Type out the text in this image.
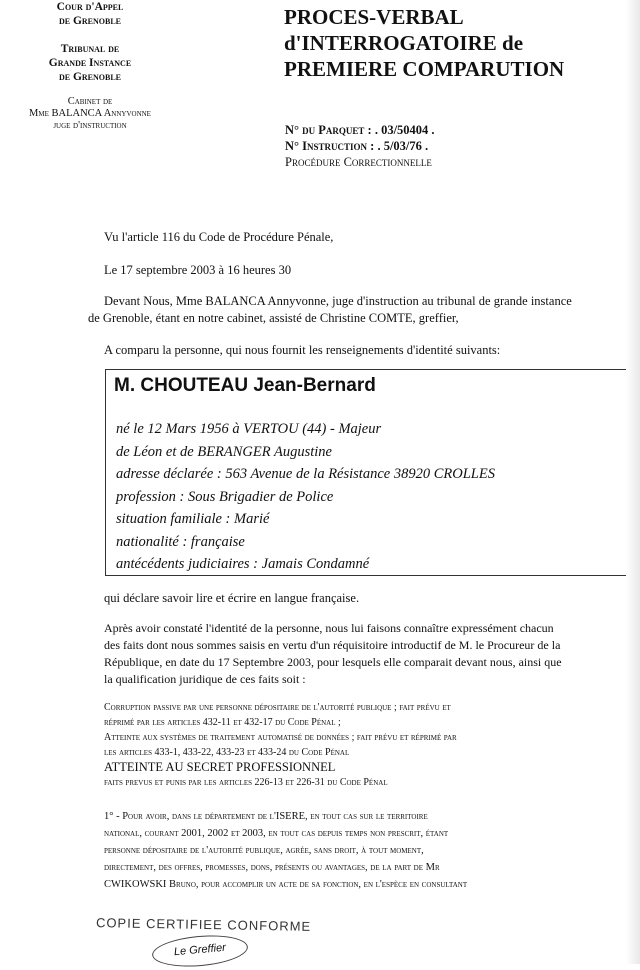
Cour d'Appel
de Grenoble
Tribunal de
Grande Instance
de Grenoble
Cabinet de
Mme BALANCA Annyvonne
juge d'instruction
PROCES-VERBAL
d'INTERROGATOIRE de
PREMIERE COMPARUTION
N° du Parquet : . 03/50404 .
N° Instruction : . 5/03/76 .
Procédure Correctionnelle
Vu l'article 116 du Code de Procédure Pénale,
Le 17 septembre 2003 à 16 heures 30
Devant Nous, Mme BALANCA Annyvonne, juge d'instruction au tribunal de grande instance
de Grenoble, étant en notre cabinet, assisté de Christine COMTE, greffier,
A comparu la personne, qui nous fournit les renseignements d'identité suivants:
M. CHOUTEAU Jean-Bernard
né le 12 Mars 1956 à VERTOU (44) - Majeur
de Léon et de BERANGER Augustine
adresse déclarée : 563 Avenue de la Résistance 38920 CROLLES
profession : Sous Brigadier de Police
situation familiale : Marié
nationalité : française
antécédents judiciaires : Jamais Condamné
qui déclare savoir lire et écrire en langue française.
Après avoir constaté l'identité de la personne, nous lui faisons connaître expressément chacun
des faits dont nous sommes saisis en vertu d'un réquisitoire introductif de M. le Procureur de la
République, en date du 17 Septembre 2003, pour lesquels elle comparait devant nous, ainsi que
la qualification juridique de ces faits soit :
Corruption passive par une personne dépositaire de l'autorité publique ; fait prévu et
réprimé par les articles 432-11 et 432-17 du Code Pénal ;
Atteinte aux systèmes de traitement automatisé de données ; fait prévu et réprimé par
les articles 433-1, 433-22, 433-23 et 433-24 du Code Pénal
ATTEINTE AU SECRET PROFESSIONNEL
faits prevus et punis par les articles 226-13 et 226-31 du Code Pénal
1° - Pour avoir, dans le département de l'ISERE, en tout cas sur le territoire
national, courant 2001, 2002 et 2003, en tout cas depuis temps non prescrit, étant
personne dépositaire de l'autorité publique, agrée, sans droit, à tout moment,
directement, des offres, promesses, dons, présents ou avantages, de la part de Mr
CWIKOWSKI Bruno, pour accomplir un acte de sa fonction, en l'espèce en consultant
COPIE CERTIFIEE CONFORME
Le Greffier
